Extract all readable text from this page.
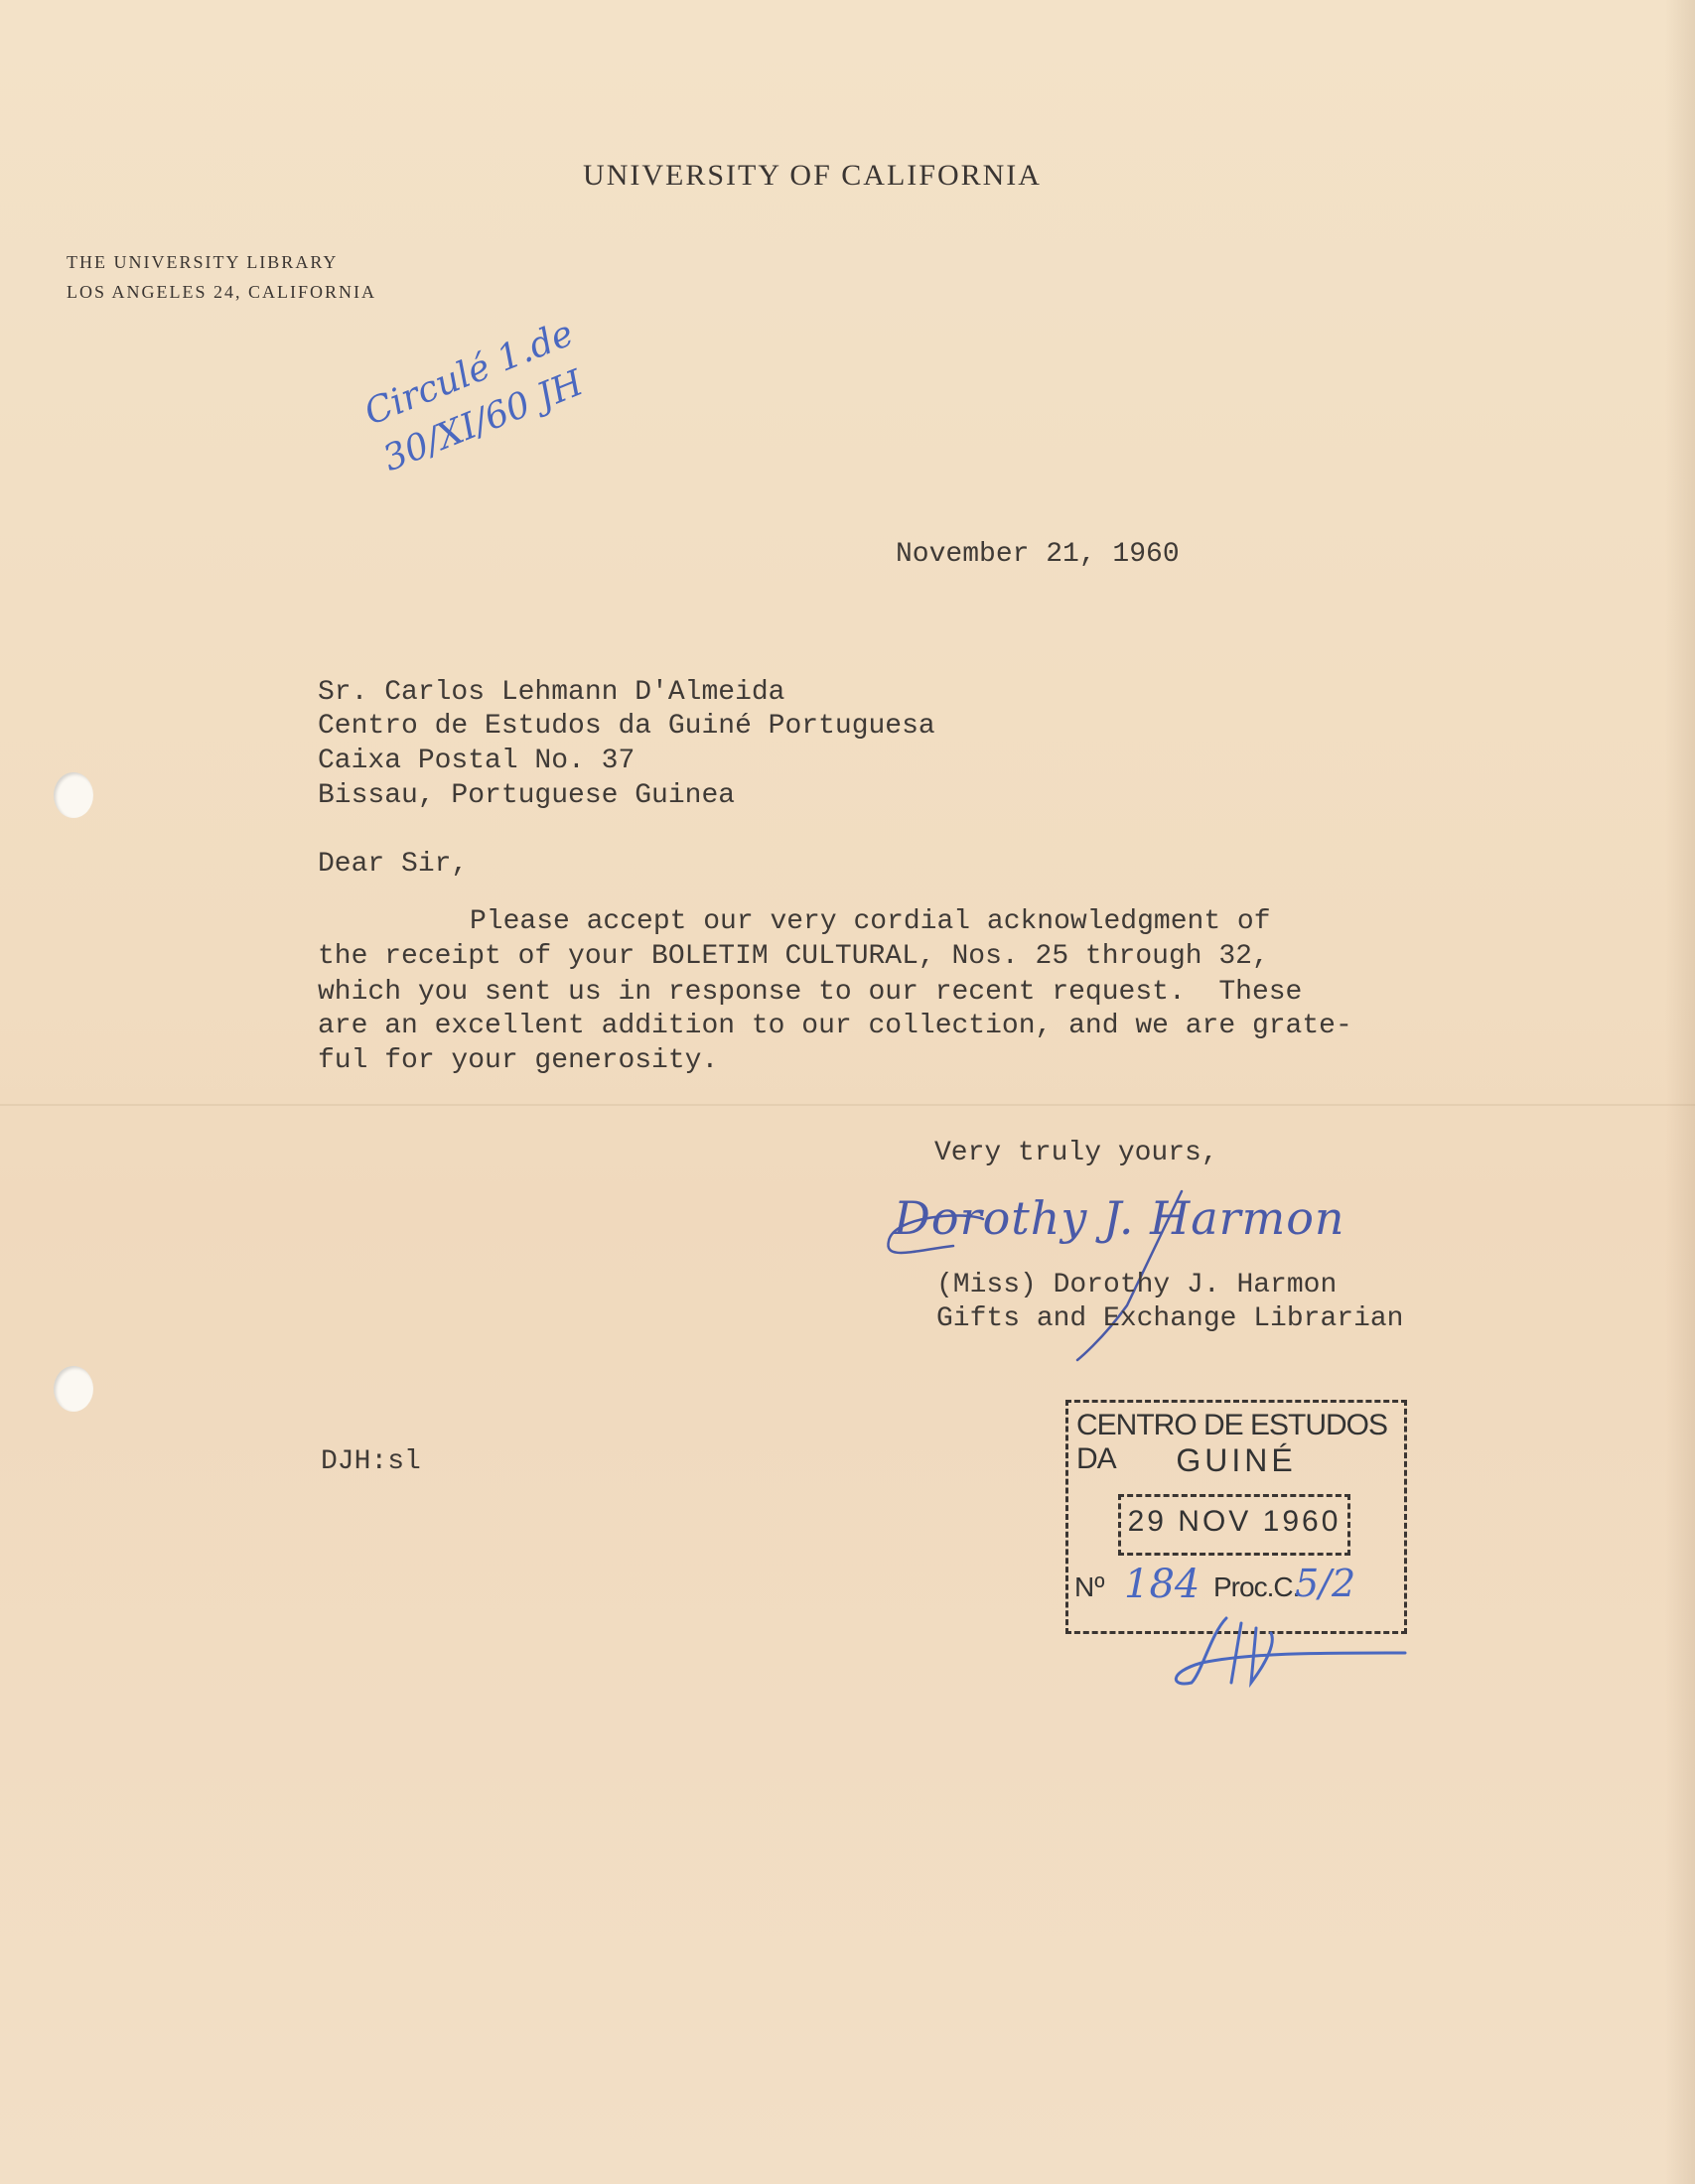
UNIVERSITY OF CALIFORNIA
THE UNIVERSITY LIBRARY
LOS ANGELES 24, CALIFORNIA
Circulé 1.de 30/XI/60 JH
November 21, 1960
Sr. Carlos Lehmann D'Almeida
Centro de Estudos da Guiné Portuguesa
Caixa Postal No. 37
Bissau, Portuguese Guinea
Dear Sir,
Please accept our very cordial acknowledgment of
the receipt of your BOLETIM CULTURAL, Nos. 25 through 32,
which you sent us in response to our recent request.  These
are an excellent addition to our collection, and we are grate-
ful for your generosity.
Very truly yours,
Dorothy J. Harmon
(Miss) Dorothy J. Harmon
Gifts and Exchange Librarian
DJH:sl
CENTRO DE ESTUDOS DA	GUINÉ
29 NOV 1960
Nº 184 Proc.C.
5/2
